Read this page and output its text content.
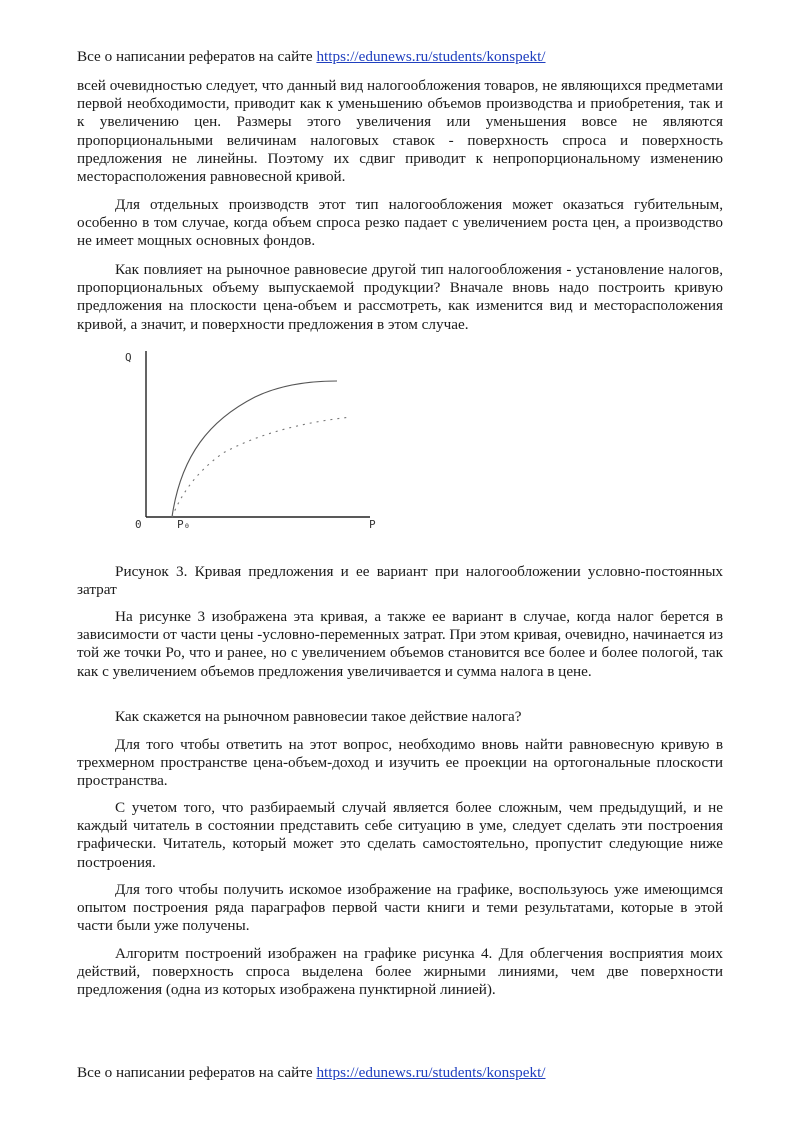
Все о написании рефератов на сайте https://edunews.ru/students/konspekt/

всей очевидностью следует, что данный вид налогообложения товаров, не являющихся предметами первой необходимости, приводит как к уменьшению объемов производства и приобретения, так и к увеличению цен. Размеры этого увеличения или уменьшения вовсе не являются пропорциональными величинам налоговых ставок - поверхность спроса и поверхность предложения не линейны. Поэтому их сдвиг приводит к непропорциональному изменению месторасположения равновесной кривой.

Для отдельных производств этот тип налогообложения может оказаться губительным, особенно в том случае, когда объем спроса резко падает с увеличением роста цен, а производство не имеет мощных основных фондов.

Как повлияет на рыночное равновесие другой тип налогообложения - установление налогов, пропорциональных объему выпускаемой продукции? Вначале вновь надо построить кривую предложения на плоскости цена-объем и рассмотреть, как изменится вид и месторасположения кривой, а значит, и поверхности предложения в этом случае.

Q
P
0	P₀

Рисунок 3. Кривая предложения и ее вариант при налогообложении условно-постоянных затрат

На рисунке 3 изображена эта кривая, а также ее вариант в случае, когда налог берется в зависимости от части цены -условно-переменных затрат. При этом кривая, очевидно, начинается из той же точки Ро, что и ранее, но с увеличением объемов становится все более и более пологой, так как с увеличением объемов предложения увеличивается и сумма налога в цене.

Как скажется на рыночном равновесии такое действие налога?

Для того чтобы ответить на этот вопрос, необходимо вновь найти равновесную кривую в трехмерном пространстве цена-объем-доход и изучить ее проекции на ортогональные плоскости пространства.

С учетом того, что разбираемый случай является более сложным, чем предыдущий, и не каждый читатель в состоянии представить себе ситуацию в уме, следует сделать эти построения графически. Читатель, который может это сделать самостоятельно, пропустит следующие ниже построения.

Для того чтобы получить искомое изображение на графике, воспользуюсь уже имеющимся опытом построения ряда параграфов первой части книги и теми результатами, которые в этой части были уже получены.

Алгоритм построений изображен на графике рисунка 4. Для облегчения восприятия моих действий, поверхность спроса выделена более жирными линиями, чем две поверхности предложения (одна из которых изображена пунктирной линией).

Все о написании рефератов на сайте https://edunews.ru/students/konspekt/
